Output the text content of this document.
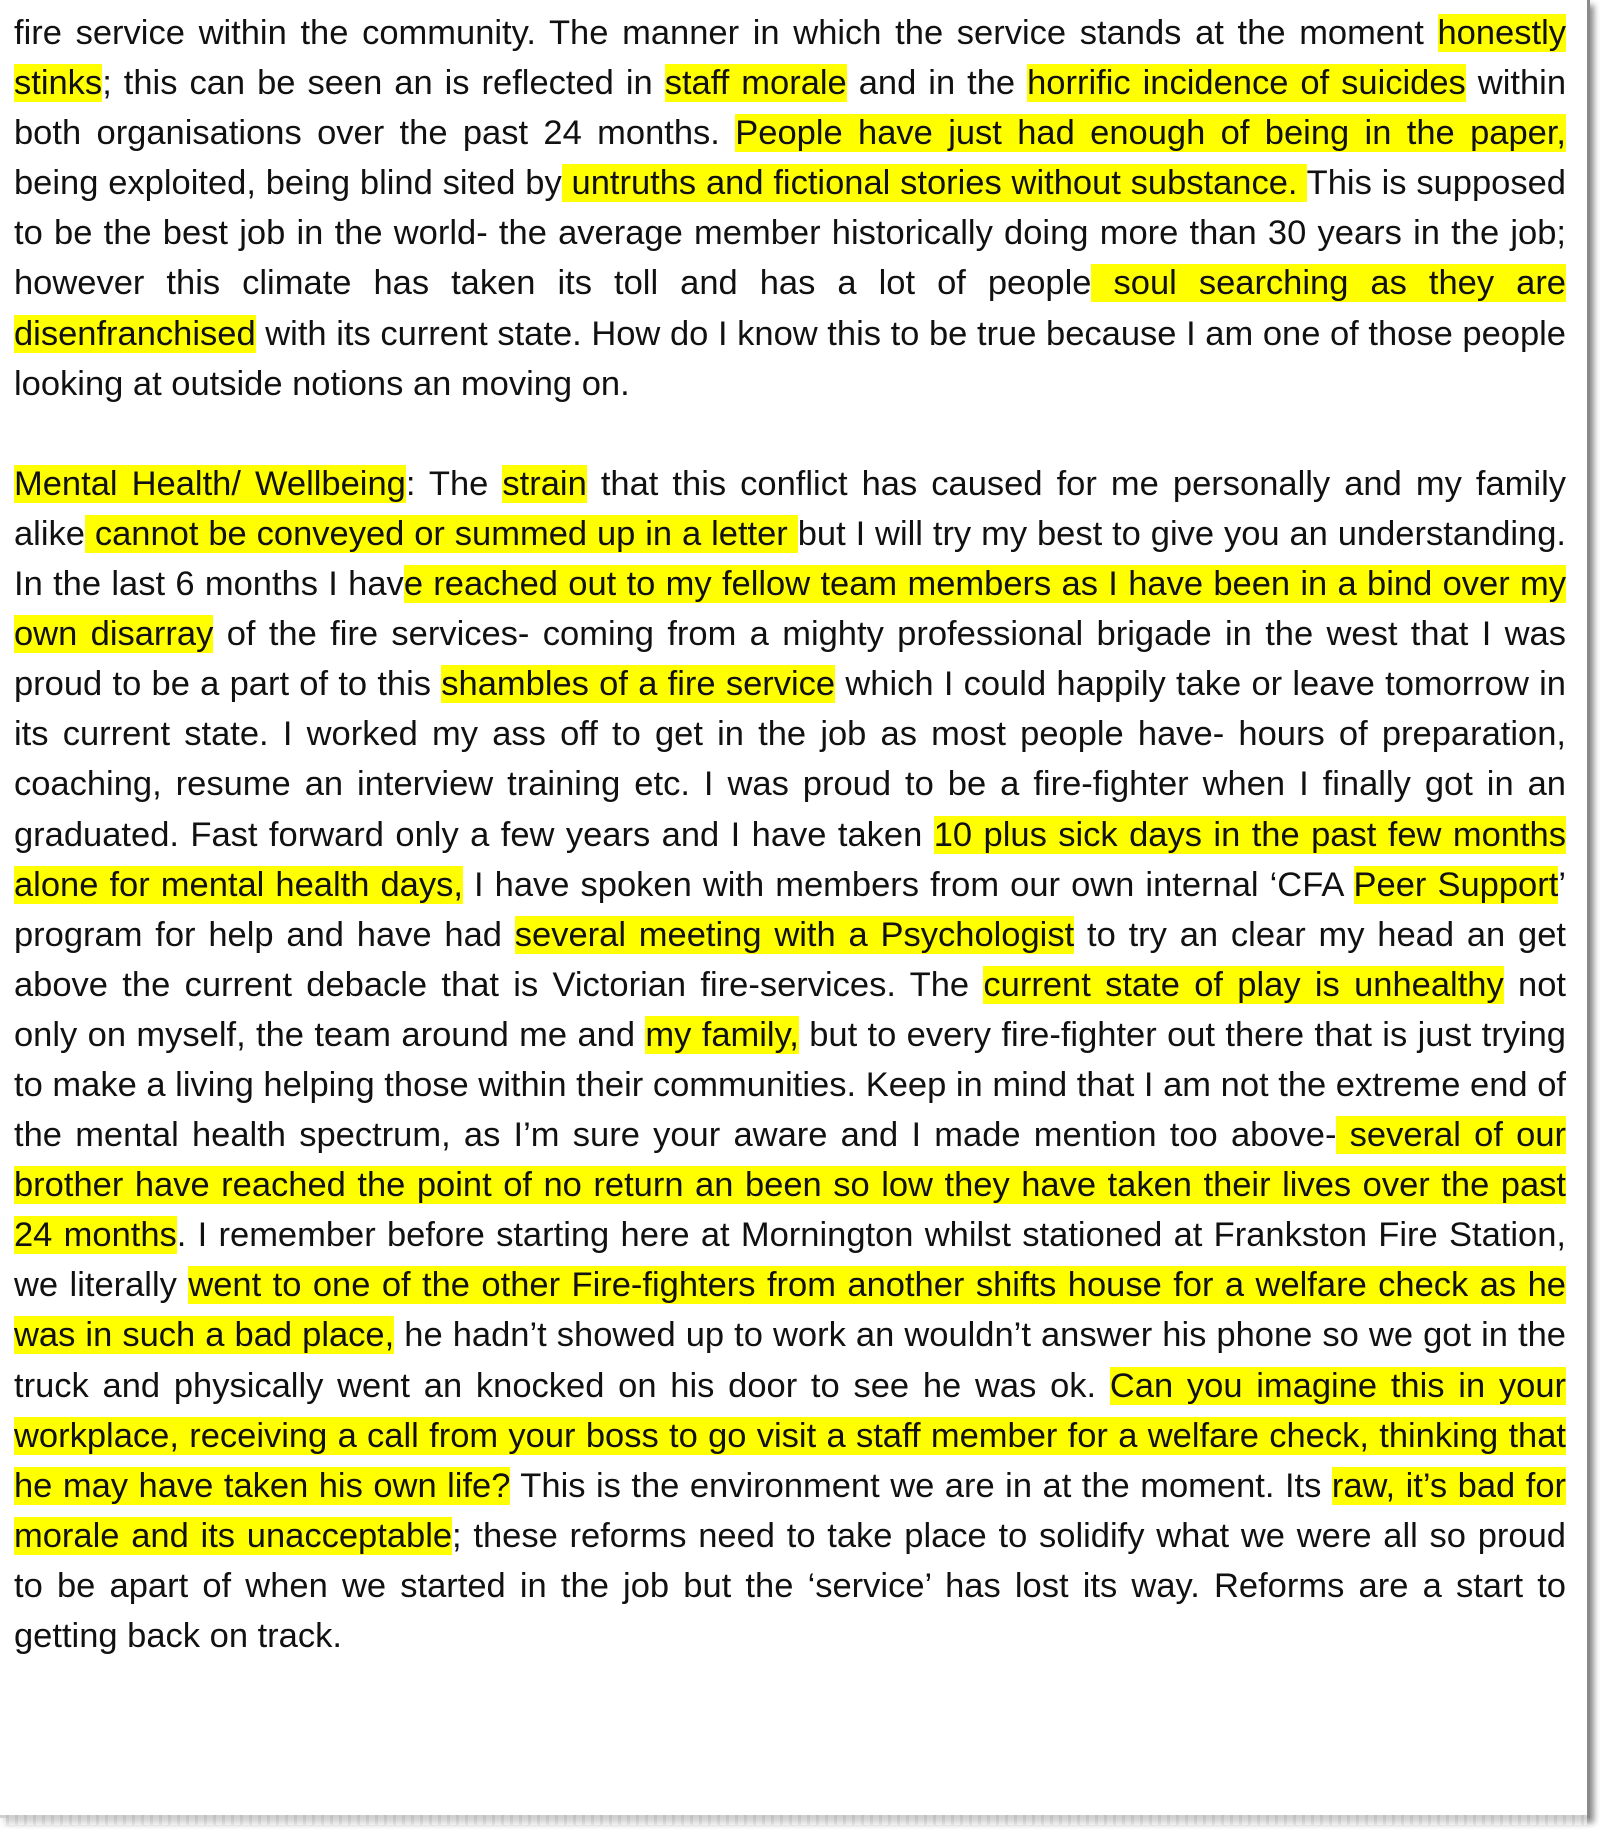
fire service within the community. The manner in which the service stands at the moment honestly stinks; this can be seen an is reflected in staff morale and in the horrific incidence of suicides within both organisations over the past 24 months. People have just had enough of being in the paper, being exploited, being blind sited by untruths and fictional stories without substance. This is supposed to be the best job in the world- the average member historically doing more than 30 years in the job; however this climate has taken its toll and has a lot of people soul searching as they are disenfranchised with its current state. How do I know this to be true because I am one of those people looking at outside notions an moving on.

Mental Health/ Wellbeing: The strain that this conflict has caused for me personally and my family alike cannot be conveyed or summed up in a letter but I will try my best to give you an understanding. In the last 6 months I have reached out to my fellow team members as I have been in a bind over my own disarray of the fire services- coming from a mighty professional brigade in the west that I was proud to be a part of to this shambles of a fire service which I could happily take or leave tomorrow in its current state. I worked my ass off to get in the job as most people have- hours of preparation, coaching, resume an interview training etc. I was proud to be a fire-fighter when I finally got in an graduated. Fast forward only a few years and I have taken 10 plus sick days in the past few months alone for mental health days, I have spoken with members from our own internal ‘CFA Peer Support’ program for help and have had several meeting with a Psychologist to try an clear my head an get above the current debacle that is Victorian fire-services. The current state of play is unhealthy not only on myself, the team around me and my family, but to every fire-fighter out there that is just trying to make a living helping those within their communities. Keep in mind that I am not the extreme end of the mental health spectrum, as I’m sure your aware and I made mention too above- several of our brother have reached the point of no return an been so low they have taken their lives over the past 24 months. I remember before starting here at Mornington whilst stationed at Frankston Fire Station, we literally went to one of the other Fire-fighters from another shifts house for a welfare check as he was in such a bad place, he hadn’t showed up to work an wouldn’t answer his phone so we got in the truck and physically went an knocked on his door to see he was ok. Can you imagine this in your workplace, receiving a call from your boss to go visit a staff member for a welfare check, thinking that he may have taken his own life? This is the environment we are in at the moment. Its raw, it’s bad for morale and its unacceptable; these reforms need to take place to solidify what we were all so proud to be apart of when we started in the job but the ‘service’ has lost its way. Reforms are a start to getting back on track.
